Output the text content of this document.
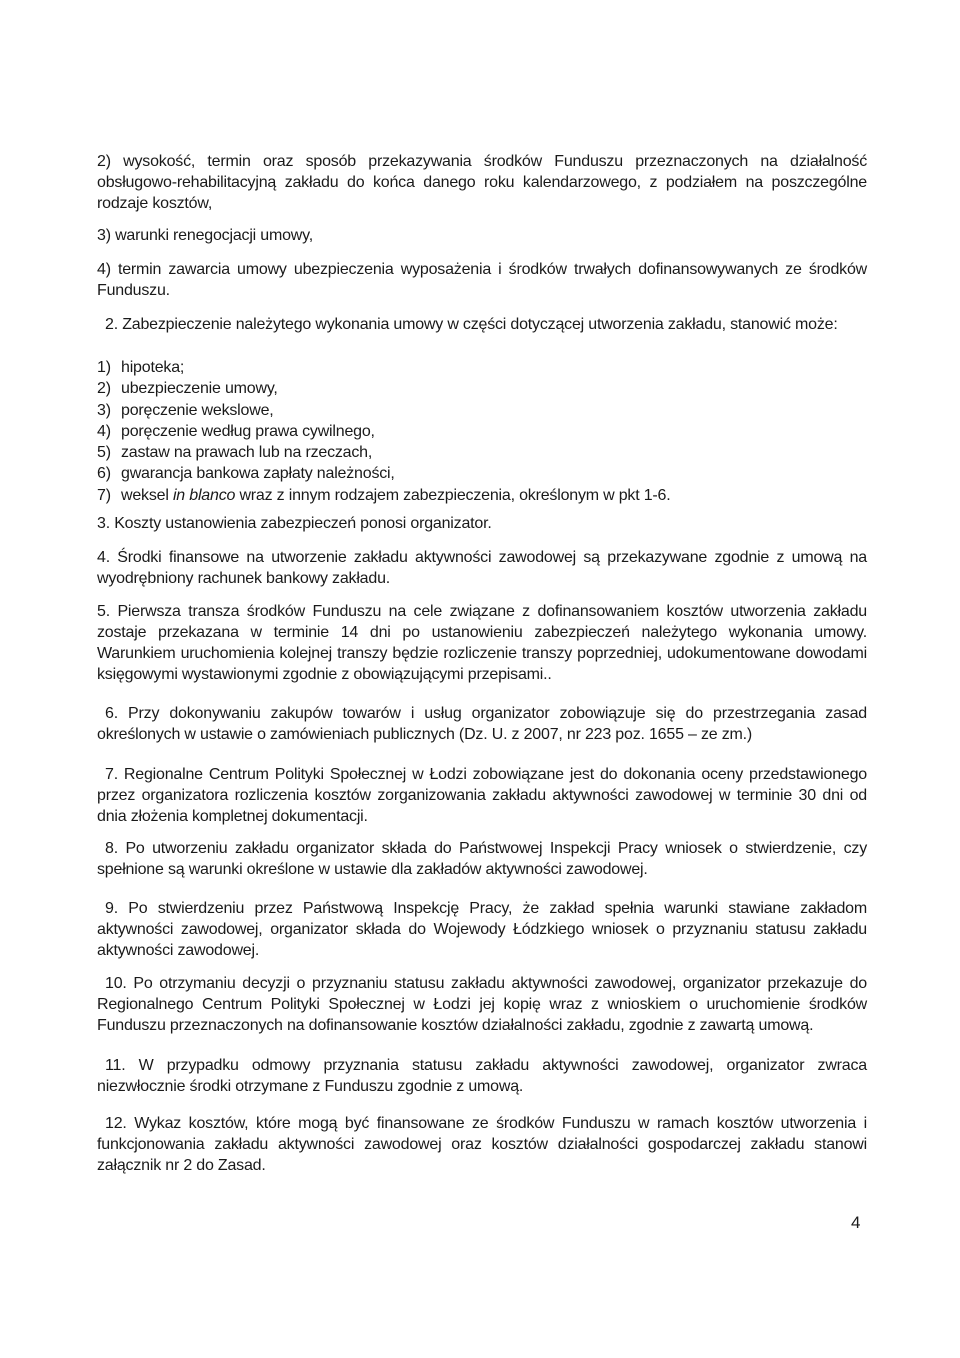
2) wysokość, termin oraz sposób przekazywania środków Funduszu przeznaczonych na działalność obsługowo-rehabilitacyjną zakładu do końca danego roku kalendarzowego, z podziałem na poszczególne rodzaje kosztów,

3) warunki renegocjacji umowy,

4) termin zawarcia umowy ubezpieczenia wyposażenia i środków trwałych dofinansowywanych ze środków Funduszu.

2. Zabezpieczenie należytego wykonania umowy w części dotyczącej utworzenia zakładu, stanowić może:

1) hipoteka;
2) ubezpieczenie umowy,
3) poręczenie wekslowe,
4) poręczenie według prawa cywilnego,
5) zastaw na prawach lub na rzeczach,
6) gwarancja bankowa zapłaty należności,
7) weksel in blanco wraz z innym rodzajem zabezpieczenia, określonym w pkt 1-6.

3. Koszty ustanowienia zabezpieczeń ponosi organizator.

4. Środki finansowe na utworzenie zakładu aktywności zawodowej są przekazywane zgodnie z umową na wyodrębniony rachunek bankowy zakładu.

5. Pierwsza transza środków Funduszu na cele związane z dofinansowaniem kosztów utworzenia zakładu zostaje przekazana w terminie 14 dni po ustanowieniu zabezpieczeń należytego wykonania umowy. Warunkiem uruchomienia kolejnej transzy będzie rozliczenie transzy poprzedniej, udokumentowane dowodami księgowymi wystawionymi zgodnie z obowiązującymi przepisami..

6. Przy dokonywaniu zakupów towarów i usług organizator zobowiązuje się do przestrzegania zasad określonych w ustawie o zamówieniach publicznych (Dz. U. z 2007, nr 223 poz. 1655 – ze zm.)

7. Regionalne Centrum Polityki Społecznej w Łodzi zobowiązane jest do dokonania oceny przedstawionego przez organizatora rozliczenia kosztów zorganizowania zakładu aktywności zawodowej w terminie 30 dni od dnia złożenia kompletnej dokumentacji.

8. Po utworzeniu zakładu organizator składa do Państwowej Inspekcji Pracy wniosek o stwierdzenie, czy spełnione są warunki określone w ustawie dla zakładów aktywności zawodowej.

9. Po stwierdzeniu przez Państwową Inspekcję Pracy, że zakład spełnia warunki stawiane zakładom aktywności zawodowej, organizator składa do Wojewody Łódzkiego wniosek o przyznaniu statusu zakładu aktywności zawodowej.

10. Po otrzymaniu decyzji o przyznaniu statusu zakładu aktywności zawodowej, organizator przekazuje do Regionalnego Centrum Polityki Społecznej w Łodzi jej kopię wraz z wnioskiem o uruchomienie środków Funduszu przeznaczonych na dofinansowanie kosztów działalności zakładu, zgodnie z zawartą umową.

11. W przypadku odmowy przyznania statusu zakładu aktywności zawodowej, organizator zwraca niezwłocznie środki otrzymane z Funduszu zgodnie z umową.

12. Wykaz kosztów, które mogą być finansowane ze środków Funduszu w ramach kosztów utworzenia i funkcjonowania zakładu aktywności zawodowej oraz kosztów działalności gospodarczej zakładu stanowi załącznik nr 2 do Zasad.

4
